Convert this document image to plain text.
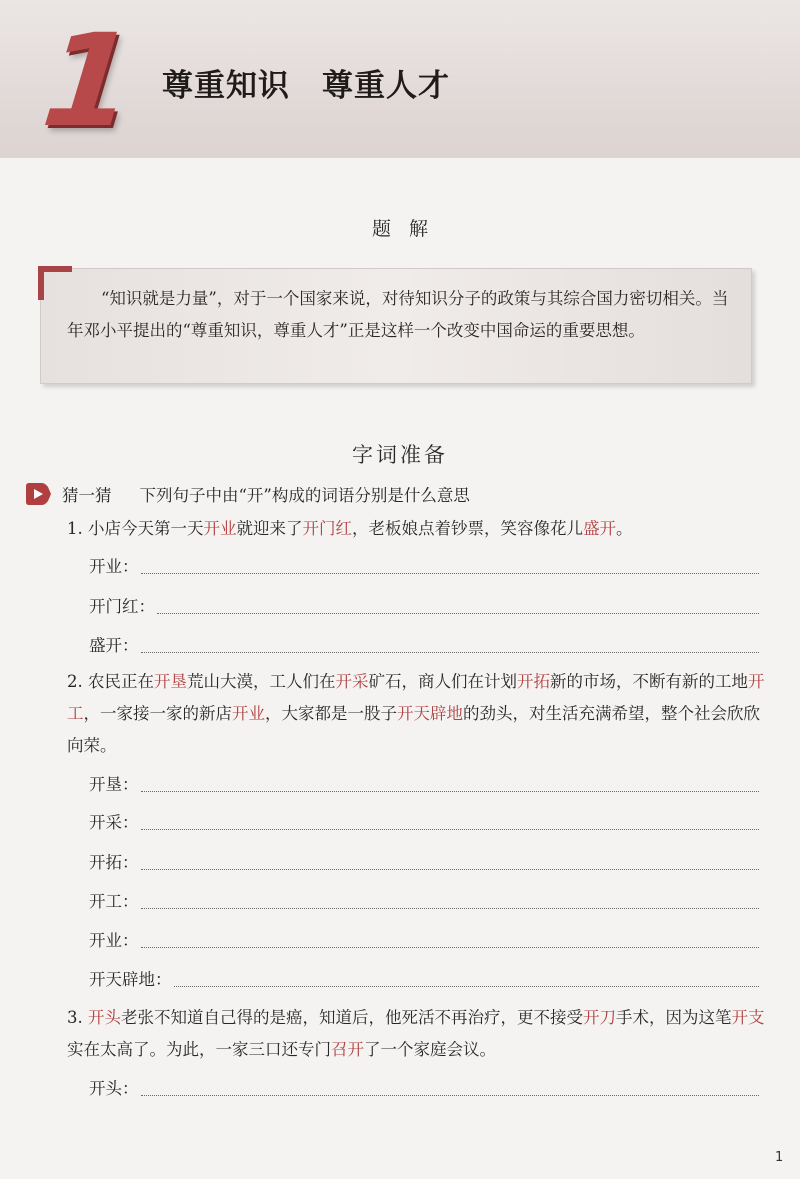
1 尊重知识　尊重人才
题解
“知识就是力量”，对于一个国家来说，对待知识分子的政策与其综合国力密切相关。当年邓小平提出的“尊重知识，尊重人才”正是这样一个改变中国命运的重要思想。
字词准备
猜一猜 下列句子中由“开”构成的词语分别是什么意思
1. 小店今天第一天开业就迎来了开门红，老板娘点着钞票，笑容像花儿盛开。
开业：
开门红：
盛开：
2. 农民正在开垦荒山大漠，工人们在开采矿石，商人们在计划开拓新的市场，不断有新的工地开工，一家接一家的新店开业，大家都是一股子开天辟地的劲头，对生活充满希望，整个社会欣欣向荣。
开垦：
开采：
开拓：
开工：
开业：
开天辟地：
3. 开头老张不知道自己得的是癌，知道后，他死活不再治疗，更不接受开刀手术，因为这笔开支实在太高了。为此，一家三口还专门召开了一个家庭会议。
开头：
1
